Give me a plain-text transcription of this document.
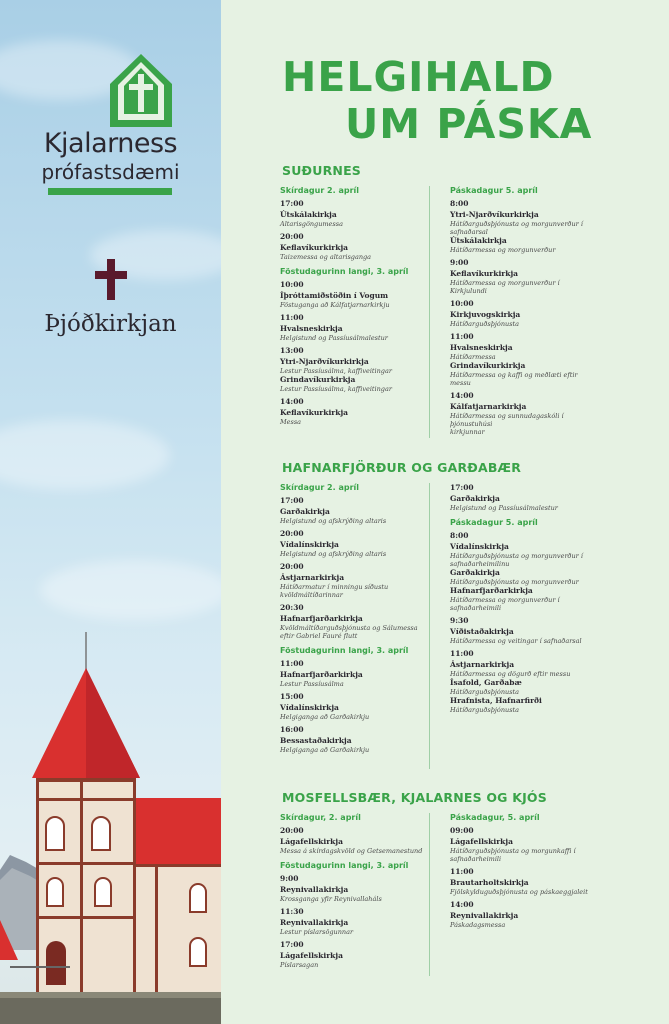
Kjalarness
prófastsdæmi
Þjóðkirkjan
HELGIHALD
UM PÁSKA
SUÐURNES
Skírdagur 2. apríl
17:00
Útskálakirkja
Altarisgöngumessa
20:00
Keflavíkurkirkja
Taizemessa og altarisganga
Föstudagurinn langi, 3. apríl
10:00
Íþróttamiðstöðin í Vogum
Föstuganga að Kálfatjarnarkirkju
11:00
Hvalsneskirkja
Helgistund og Passíusálmalestur
13:00
Ytri-Njarðvíkurkirkja
Lestur Passíusálma, kaffiveitingar
Grindavíkurkirkja
Lestur Passíusálma, kaffiveitingar
14:00
Keflavíkurkirkja
Messa
Páskadagur 5. apríl
8:00
Ytri-Njarðvíkurkirkja
Hátíðarguðsþjónusta og morgunverður í safnaðarsal
Útskálakirkja
Hátíðarmessa og morgunverður
9:00
Keflavíkurkirkja
Hátíðarmessa og morgunverður í Kirkjulundi
10:00
Kirkjuvogskirkja
Hátíðarguðsþjónusta
11:00
Hvalsneskirkja
Hátíðarmessa
Grindavíkurkirkja
Hátíðarmessa og kaffi og meðlæti eftir messu
14:00
Kálfatjarnarkirkja
Hátíðarmessa og sunnudagaskóli í þjónustuhúsi
kirkjunnar
HAFNARFJÖRÐUR OG GARÐABÆR
Skírdagur 2. apríl
17:00
Garðakirkja
Helgistund og afskrýðing altaris
20:00
Vídalínskirkja
Helgistund og afskrýðing altaris
20:00
Ástjarnarkirkja
Hátíðarmatur í minningu síðustu
kvöldmáltíðarinnar
20:30
Hafnarfjarðarkirkja
Kvöldmáltíðarguðsþjónusta og Sálumessa
eftir Gabriel Fauré flutt
Föstudagurinn langi, 3. apríl
11:00
Hafnarfjarðarkirkja
Lestur Passíusálma
15:00
Vídalínskirkja
Helgiganga að Garðakirkju
16:00
Bessastaðakirkja
Helgiganga að Garðakirkju
17:00
Garðakirkja
Helgistund og Passíusálmalestur
Páskadagur 5. apríl
8:00
Vídalínskirkja
Hátíðarguðsþjónusta og morgunverður í
safnaðarheimilinu
Garðakirkja
Hátíðarguðsþjónusta og morgunverður
Hafnarfjarðarkirkja
Hátíðarmessa og morgunverður í safnaðarheimili
9:30
Víðistaðakirkja
Hátíðarmessa og veitingar í safnaðarsal
11:00
Ástjarnarkirkja
Hátíðarmessa og dögurð eftir messu
Ísafold, Garðabæ
Hátíðarguðsþjónusta
Hrafnista, Hafnarfirði
Hátíðarguðsþjónusta
MOSFELLSBÆR, KJALARNES OG KJÓS
Skírdagur, 2. apríl
20:00
Lágafellskirkja
Messa á skírdagskvöld og Getsemanestund
Föstudagurinn langi, 3. apríl
9:00
Reynivallakirkja
Krossganga yfir Reynivallaháls
11:30
Reynivallakirkja
Lestur píslarsögunnar
17:00
Lágafellskirkja
Píslarsagan
Páskadagur, 5. apríl
09:00
Lágafellskirkja
Hátíðarguðsþjónusta og morgunkaffi í safnaðarheimili
11:00
Brautarholtskirkja
Fjölskylduguðsþjónusta og páskaeggjaleit
14:00
Reynivallakirkja
Páskadagsmessa
